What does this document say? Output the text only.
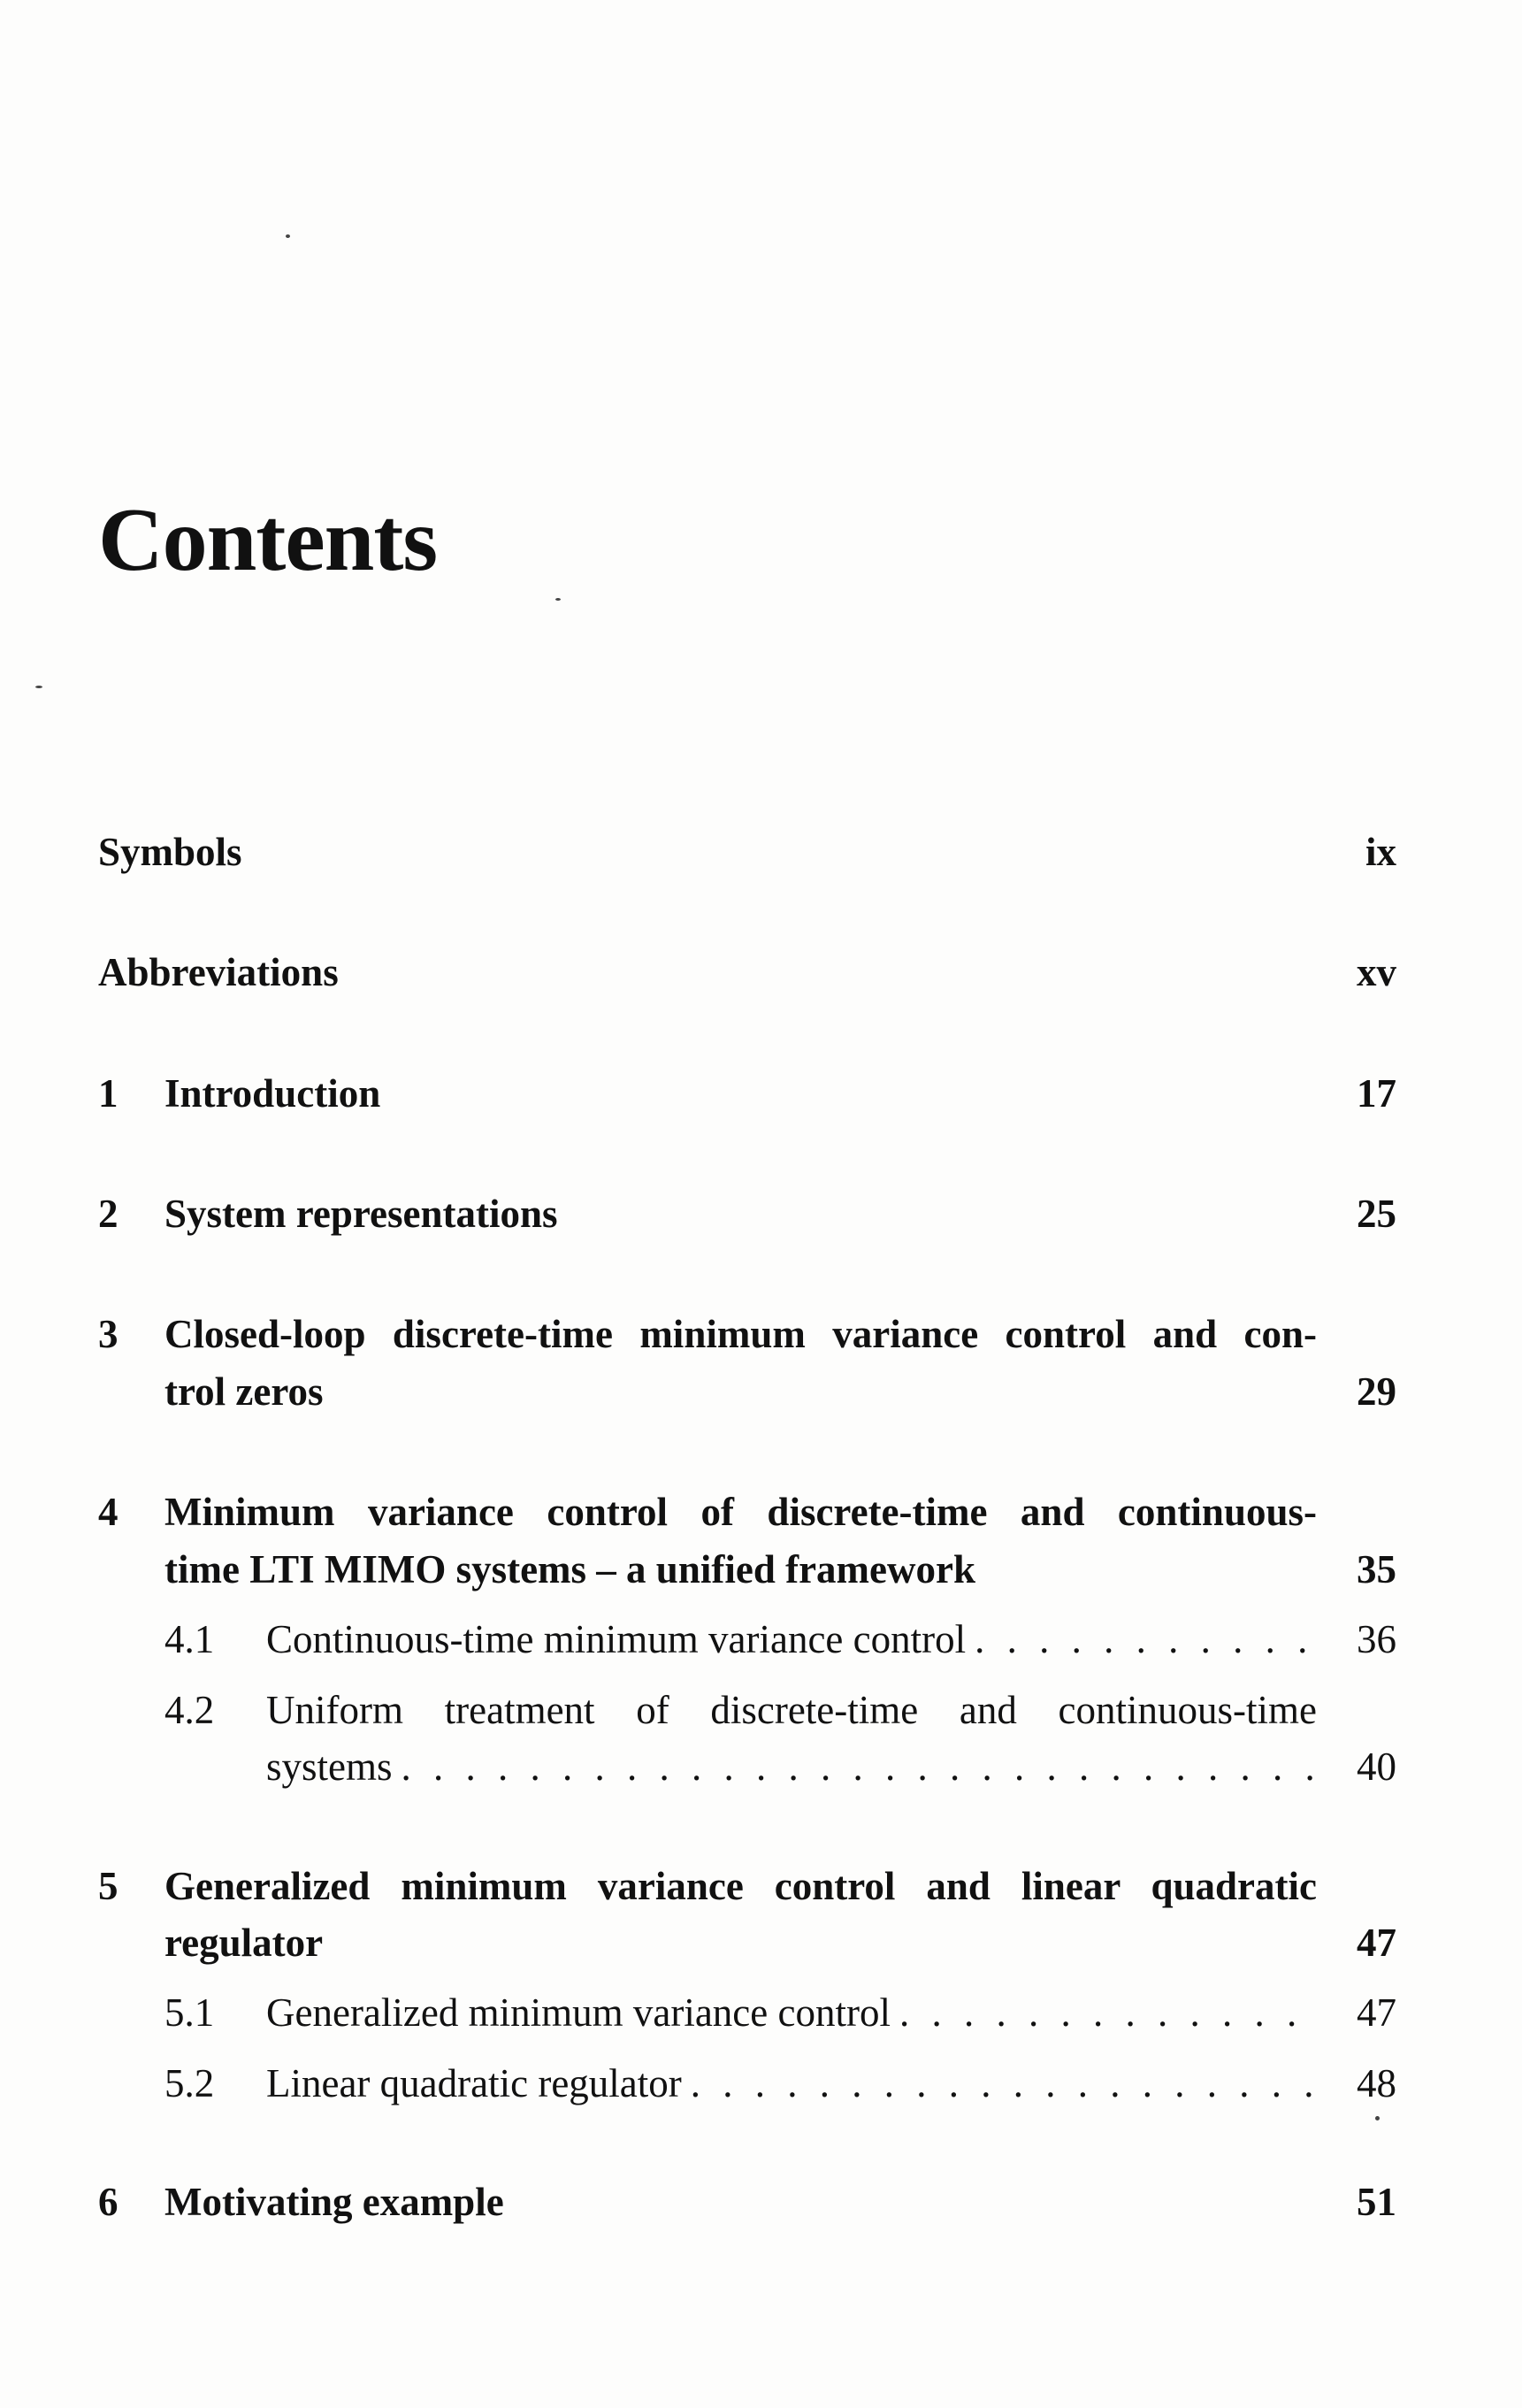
Contents
Symbols	ix
Abbreviations	xv
1 Introduction	17
2 System representations	25
3 Closed-loop discrete-time minimum variance control and con-
trol zeros	29
4 Minimum variance control of discrete-time and continuous-
time LTI MIMO systems – a unified framework	35
4.1 Continuous-time minimum variance control . . .	36
4.2 Uniform treatment of discrete-time and continuous-time
systems . . .	40
5 Generalized minimum variance control and linear quadratic
regulator	47
5.1 Generalized minimum variance control . . .	47
5.2 Linear quadratic regulator . . .	48
6 Motivating example	51
